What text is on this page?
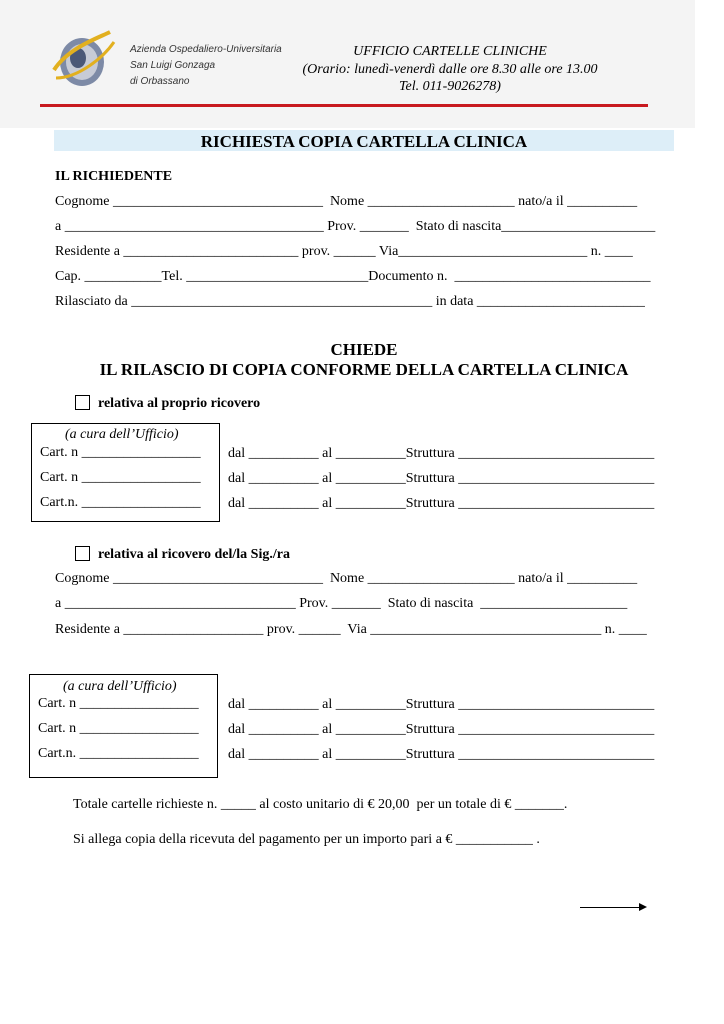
Azienda Ospedaliero-Universitaria
San Luigi Gonzaga
di Orbassano
UFFICIO CARTELLE CLINICHE
(Orario: lunedì-venerdì dalle ore 8.30 alle ore 13.00
Tel. 011-9026278)
RICHIESTA COPIA CARTELLA CLINICA
IL RICHIEDENTE
Cognome ______________________________  Nome _____________________ nato/a il __________
a _____________________________________ Prov. _______  Stato di nascita______________________
Residente a _________________________ prov. ______ Via___________________________ n. ____
Cap. ___________Tel. __________________________Documento n.  ____________________________
Rilasciato da ___________________________________________ in data ________________________
CHIEDE
IL RILASCIO DI COPIA CONFORME DELLA CARTELLA CLINICA
relativa al proprio ricovero
(a cura dell’Ufficio)
Cart. n _________________
Cart. n _________________
Cart.n. _________________
dal __________ al __________Struttura ____________________________
dal __________ al __________Struttura ____________________________
dal __________ al __________Struttura ____________________________
relativa al ricovero del/la Sig./ra
Cognome ______________________________  Nome _____________________ nato/a il __________
a _________________________________ Prov. _______  Stato di nascita  _____________________
Residente a ____________________ prov. ______  Via _________________________________ n. ____
(a cura dell’Ufficio)
Cart. n _________________
Cart. n _________________
Cart.n. _________________
dal __________ al __________Struttura ____________________________
dal __________ al __________Struttura ____________________________
dal __________ al __________Struttura ____________________________
Totale cartelle richieste n. _____ al costo unitario di € 20,00  per un totale di € _______.
Si allega copia della ricevuta del pagamento per un importo pari a € ___________ .
